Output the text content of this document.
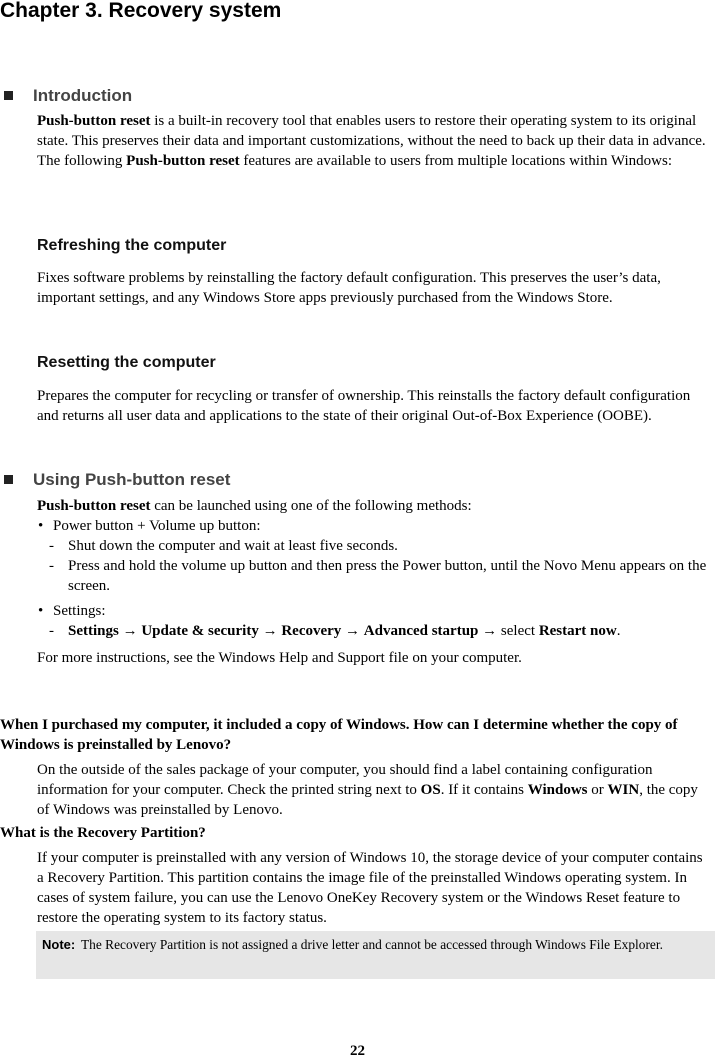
Chapter 3. Recovery system
Introduction

Push-button reset is a built-in recovery tool that enables users to restore their operating system to its original state. This preserves their data and important customizations, without the need to back up their data in advance.

The following Push-button reset features are available to users from multiple locations within Windows:

Refreshing the computer
Fixes software problems by reinstalling the factory default configuration. This preserves the user’s data, important settings, and any Windows Store apps previously purchased from the Windows Store.
Resetting the computer
Prepares the computer for recycling or transfer of ownership. This reinstalls the factory default configuration and returns all user data and applications to the state of their original Out-of-Box Experience (OOBE).
Using Push-button reset

Push-button reset can be launched using one of the following methods:

• Power button + Volume up button:
- Shut down the computer and wait at least five seconds.
- Press and hold the volume up button and then press the Power button, until the Novo Menu appears on the screen.
• Settings:
- Settings → Update & security → Recovery → Advanced startup → select Restart now.

For more instructions, see the Windows Help and Support file on your computer.

When I purchased my computer, it included a copy of Windows. How can I determine whether the copy of Windows is preinstalled by Lenovo?
On the outside of the sales package of your computer, you should find a label containing configuration information for your computer. Check the printed string next to OS. If it contains Windows or WIN, the copy of Windows was preinstalled by Lenovo.
What is the Recovery Partition?
If your computer is preinstalled with any version of Windows 10, the storage device of your computer contains a Recovery Partition. This partition contains the image file of the preinstalled Windows operating system. In cases of system failure, you can use the Lenovo OneKey Recovery system or the Windows Reset feature to restore the operating system to its factory status.
Note: The Recovery Partition is not assigned a drive letter and cannot be accessed through Windows File Explorer.
22
